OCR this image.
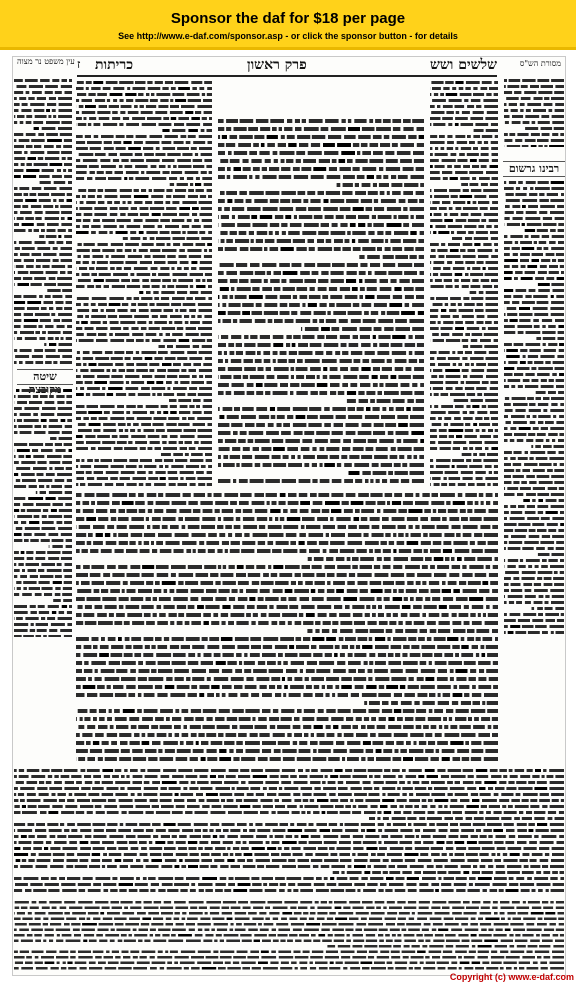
Sponsor the daf for $18 per page
See http://www.e-daf.com/sponsor.asp - or click the sponsor button - for details
עין משפט נר מצוה	מסורת הש"ס
שלשים ושש
פרק ראשון
כריתות
ז
רבינו גרשום
שיטה
Copyright (c) www.e-daf.com
